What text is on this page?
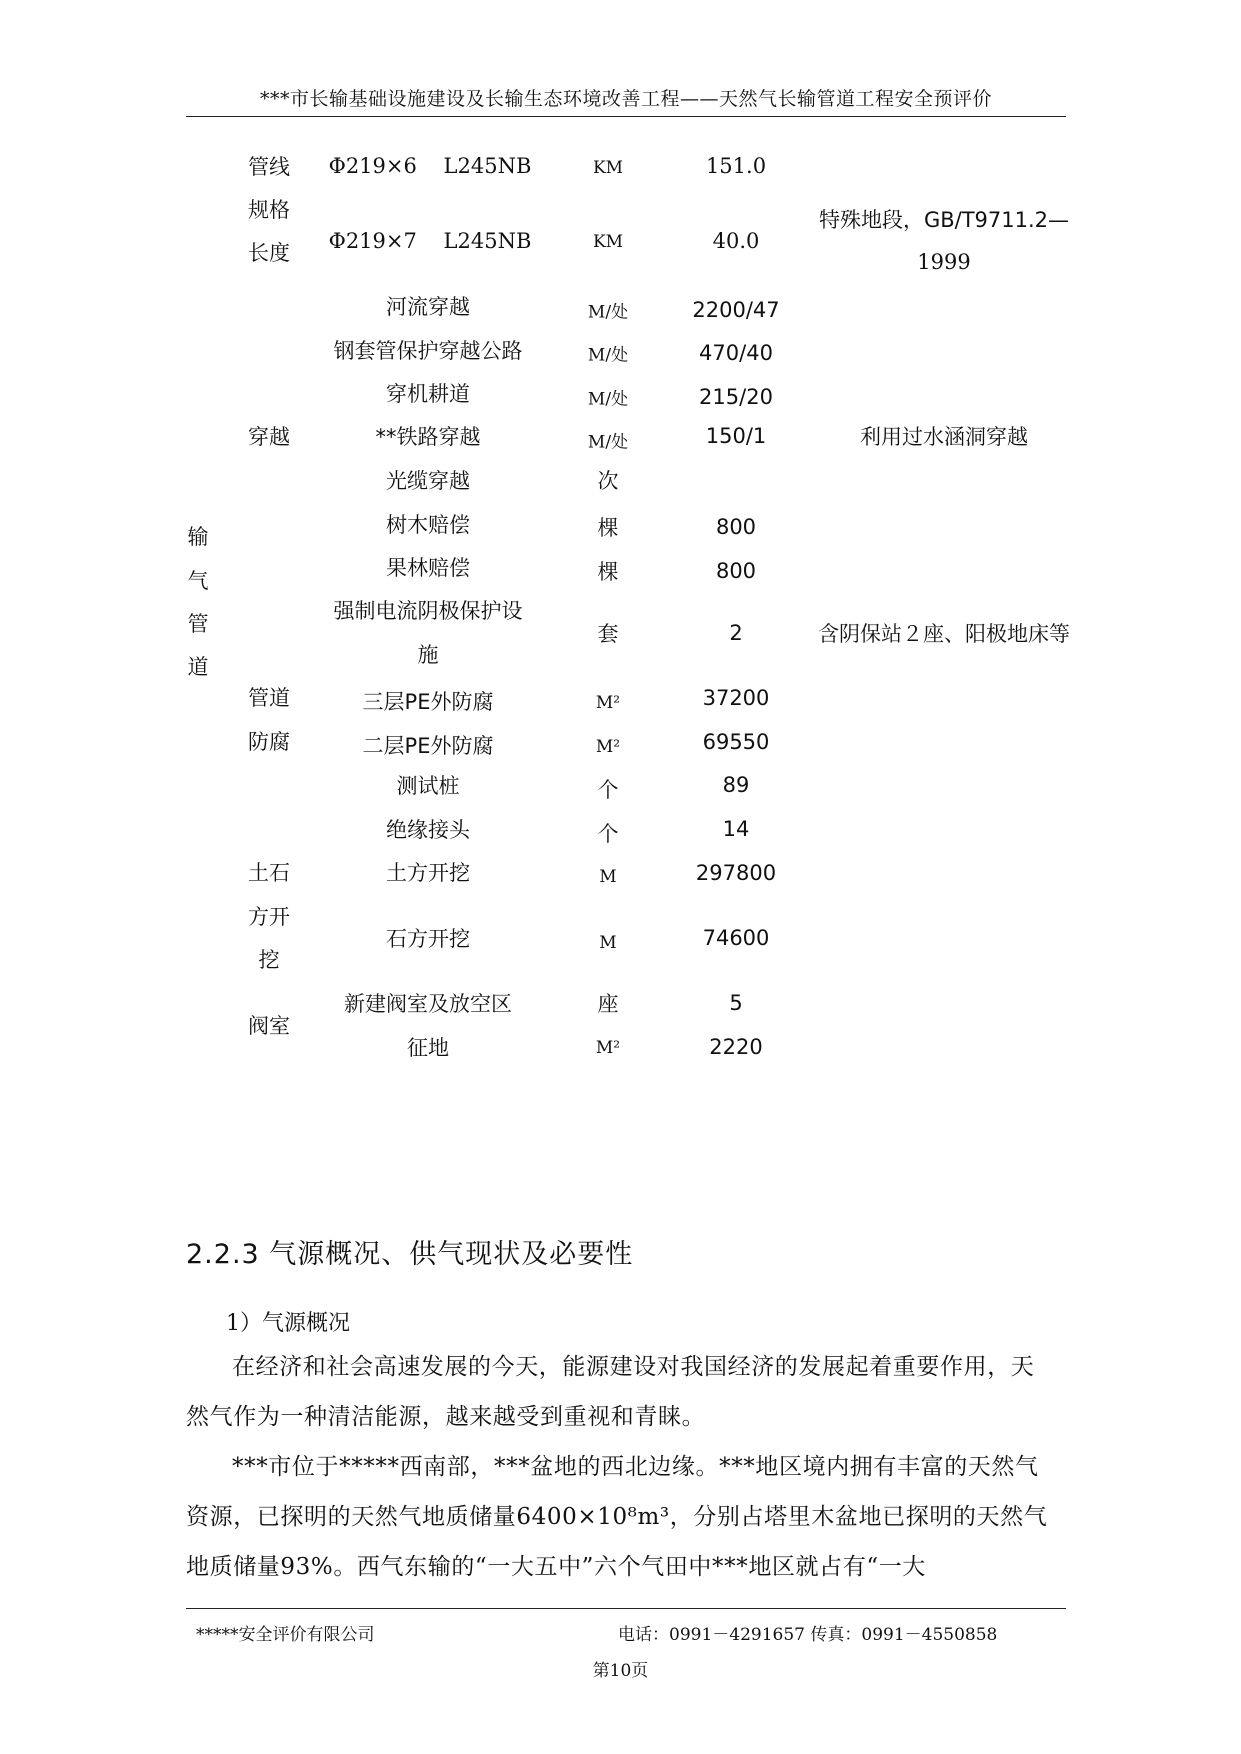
***市长输基础设施建设及长输生态环境改善工程——天然气长输管道工程安全预评价
输
气
管
道
管线
规格
长度
穿越
管道
防腐
土石
方开
挖
阀室
Φ219×6    L245NB
Φ219×7    L245NB
河流穿越
钢套管保护穿越公路
穿机耕道
**铁路穿越
光缆穿越
树木赔偿
果林赔偿
强制电流阴极保护设
施
三层PE外防腐
二层PE外防腐
测试桩
绝缘接头
土方开挖
石方开挖
新建阀室及放空区
征地
KM
KM
M/处
M/处
M/处
M/处
次
棵
棵
套
M²
M²
个
个
M
M
座
M²
151.0
40.0
2200/47
470/40
215/20
150/1
800
800
2
37200
69550
89
14
297800
74600
5
2220
特殊地段，GB/T9711.2—
1999
利用过水涵洞穿越
含阴保站２座、阳极地床等
2.2.3 气源概况、供气现状及必要性
1）气源概况

在经济和社会高速发展的今天，能源建设对我国经济的发展起着重要作用，天然气作为一种清洁能源，越来越受到重视和青睐。

***市位于*****西南部，***盆地的西北边缘。***地区境内拥有丰富的天然气资源，已探明的天然气地质储量6400×10⁸m³，分别占塔里木盆地已探明的天然气地质储量93%。西气东输的“一大五中”六个气田中***地区就占有“一大

*****安全评价有限公司	电话：0991－4291657 传真：0991－4550858
第10页
